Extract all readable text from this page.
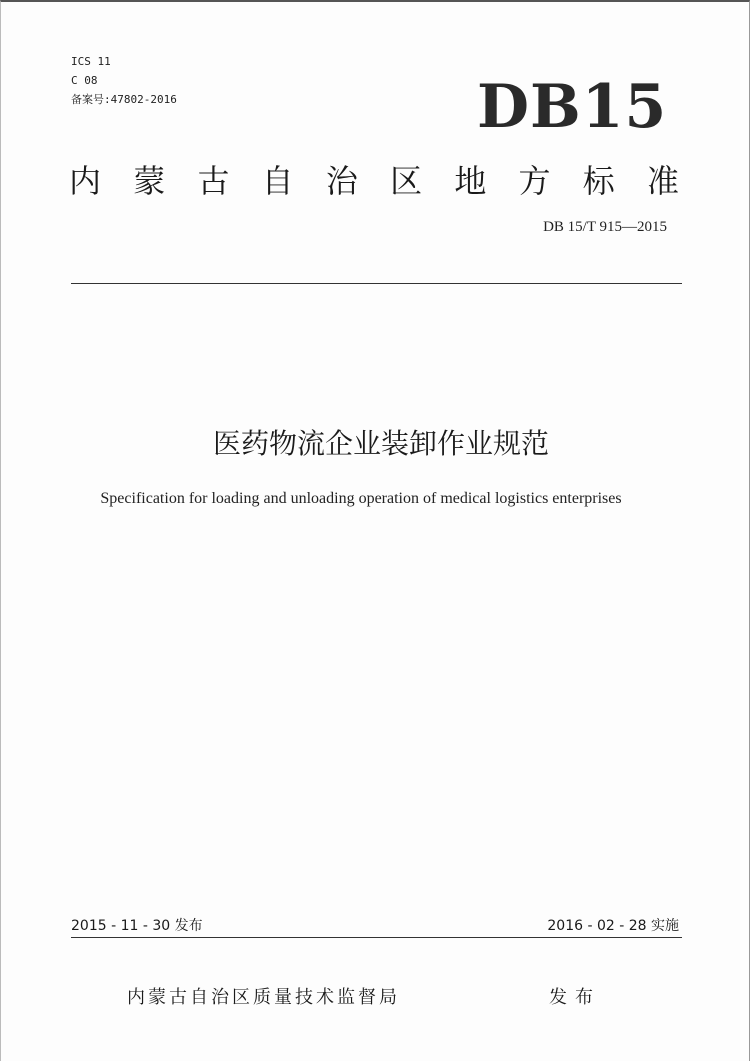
ICS 11
C 08
备案号:47802-2016	DB15
内 蒙 古 自 治 区 地 方 标 准
DB 15/T 915—2015
医药物流企业装卸作业规范
Specification for loading and unloading operation of medical logistics enterprises
2015 - 11 - 30 发布	2016 - 02 - 28 实施
内蒙古自治区质量技术监督局	发布
